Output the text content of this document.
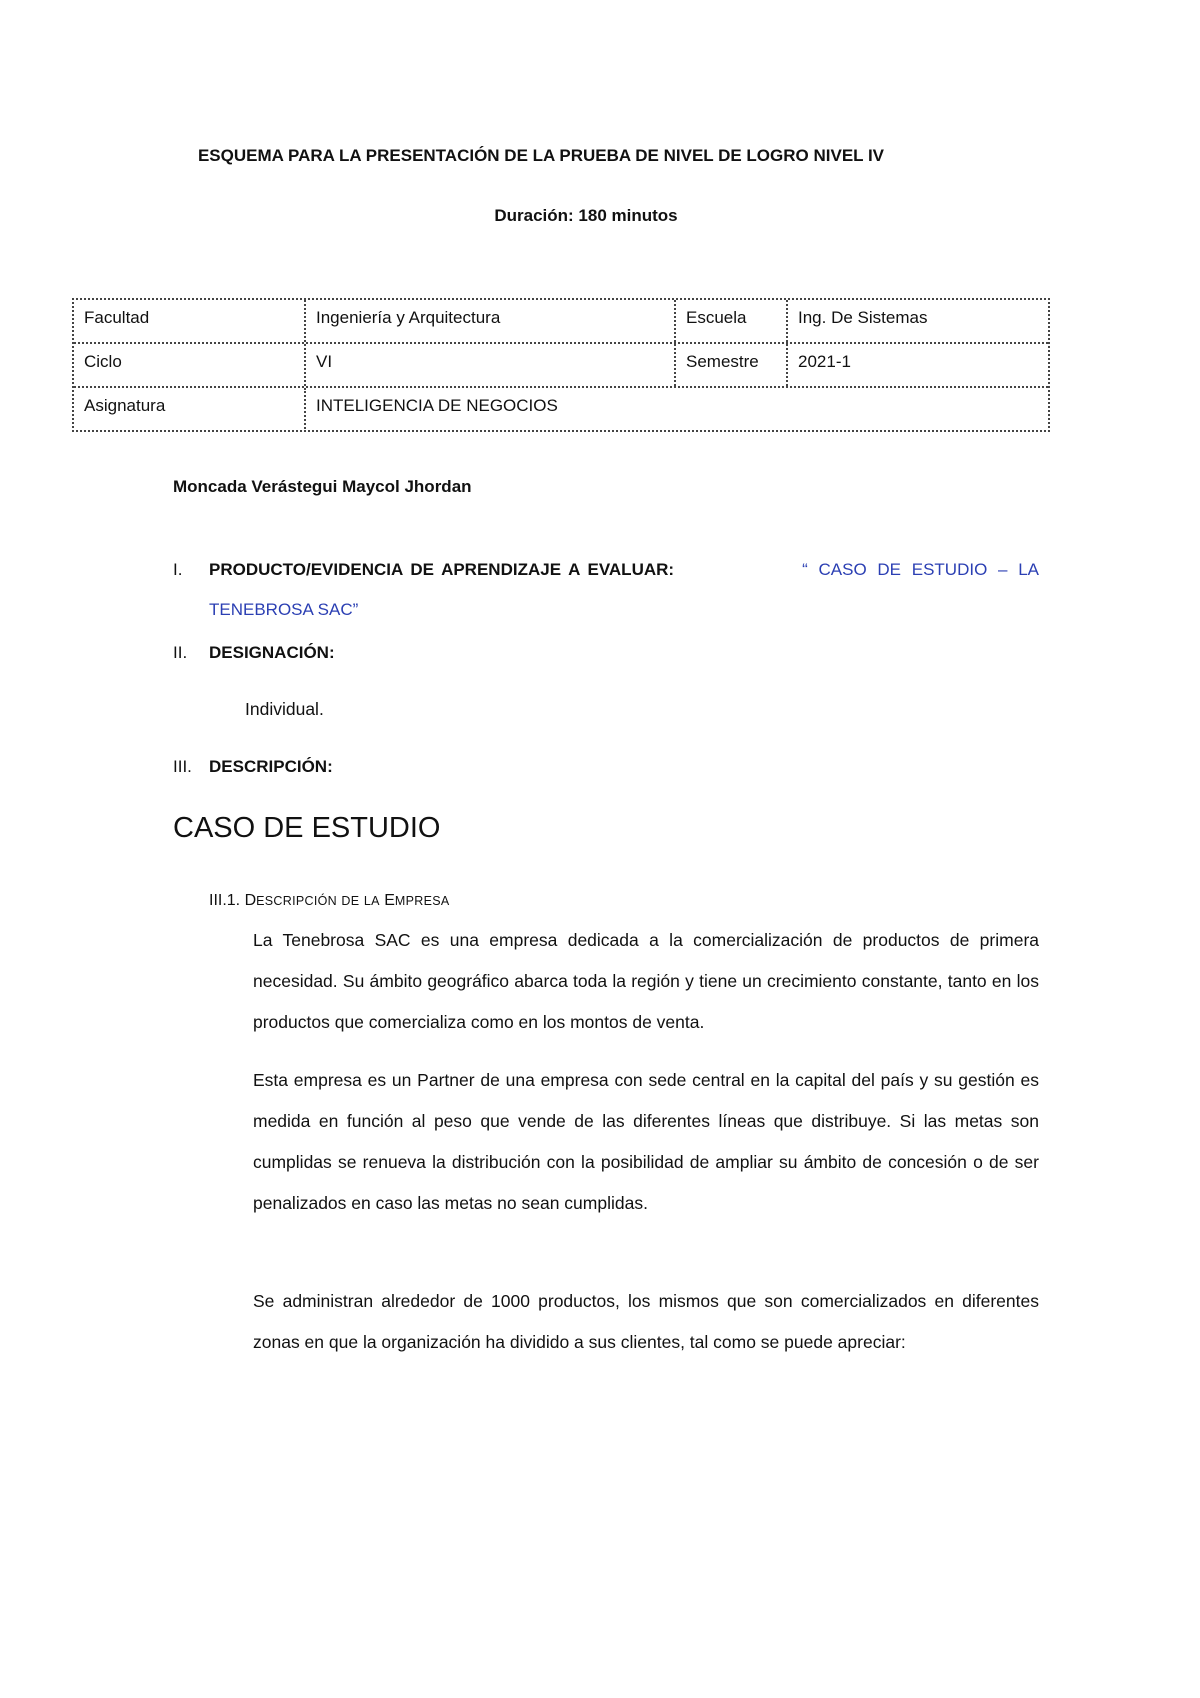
ESQUEMA PARA LA PRESENTACIÓN DE LA PRUEBA DE NIVEL DE LOGRO NIVEL IV
Duración: 180 minutos
Facultad	Ingeniería y Arquitectura	Escuela	Ing. De Sistemas
Ciclo	VI	Semestre	2021-1
Asignatura	INTELIGENCIA DE NEGOCIOS
Moncada Verástegui Maycol Jhordan
I. PRODUCTO/EVIDENCIA DE APRENDIZAJE A EVALUAR:	“ CASO DE ESTUDIO – LA
TENEBROSA SAC”
II. DESIGNACIÓN:
Individual.
III. DESCRIPCIÓN:
CASO DE ESTUDIO
III.1. DESCRIPCIÓN DE LA EMPRESA

La Tenebrosa SAC es una empresa dedicada a la comercialización de productos de primera necesidad. Su ámbito geográfico abarca toda la región y tiene un crecimiento constante, tanto en los productos que comercializa como en los montos de venta.

Esta empresa es un Partner de una empresa con sede central en la capital del país y su gestión es medida en función al peso que vende de las diferentes líneas que distribuye. Si las metas son cumplidas se renueva la distribución con la posibilidad de ampliar su ámbito de concesión o de ser penalizados en caso las metas no sean cumplidas.

Se administran alrededor de 1000 productos, los mismos que son comercializados en diferentes zonas en que la organización ha dividido a sus clientes, tal como se puede apreciar:
